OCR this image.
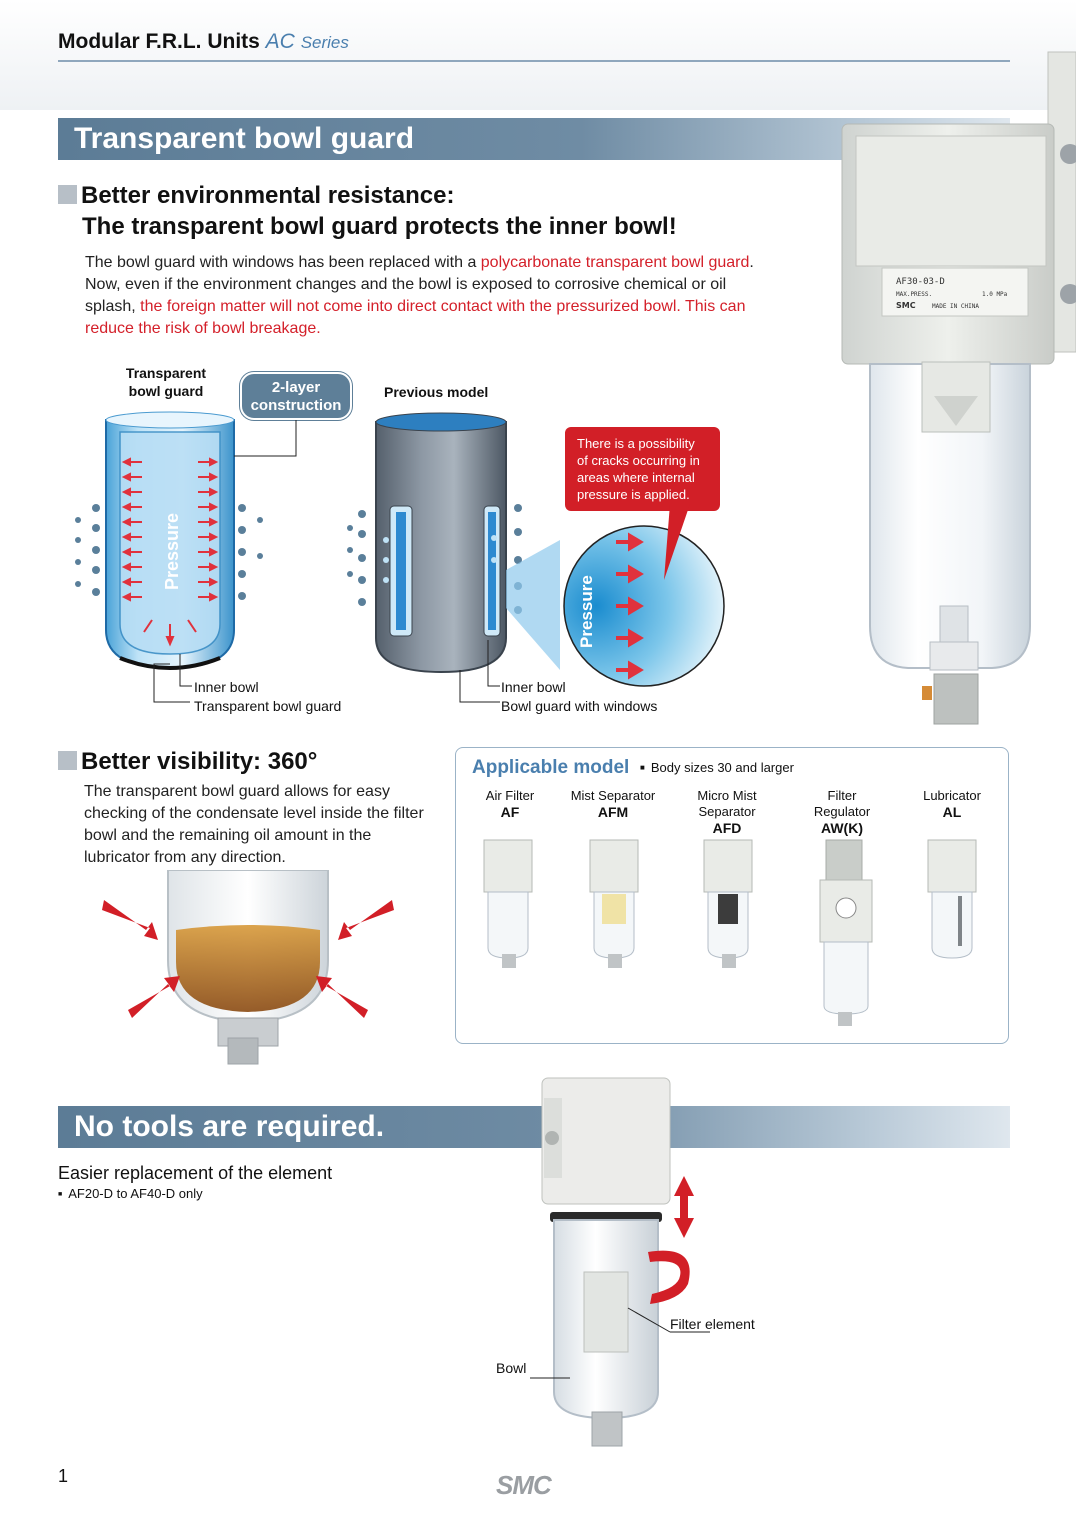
Modular F.R.L. Units AC Series
Transparent bowl guard
AF30-03-D
MAX.PRESS.	1.0 MPa
SMC	MADE IN CHINA
Better environmental resistance:
The transparent bowl guard protects the inner bowl!
The bowl guard with windows has been replaced with a polycarbonate transparent bowl guard. Now, even if the environment changes and the bowl is exposed to corrosive chemical or oil splash, the foreign matter will not come into direct contact with the pressurized bowl. This can reduce the risk of bowl breakage.
Transparent
bowl guard	2-layer
construction
Previous model
There is a possibility of cracks occurring in areas where internal pressure is applied.
Pressure
Pressure
Inner bowl
Transparent bowl guard
Inner bowl
Bowl guard with windows
Better visibility: 360°
The transparent bowl guard allows for easy checking of the condensate level inside the filter bowl and the remaining oil amount in the lubricator from any direction.
Applicable model ■ Body sizes 30 and larger
Air Filter
AF
Mist Separator
AFM
Micro Mist
Separator
AFD
Filter
Regulator
AW(K)
Lubricator
AL
No tools are required.
Easier replacement of the element
■ AF20-D to AF40-D only
Filter element
Bowl
1	SMC
